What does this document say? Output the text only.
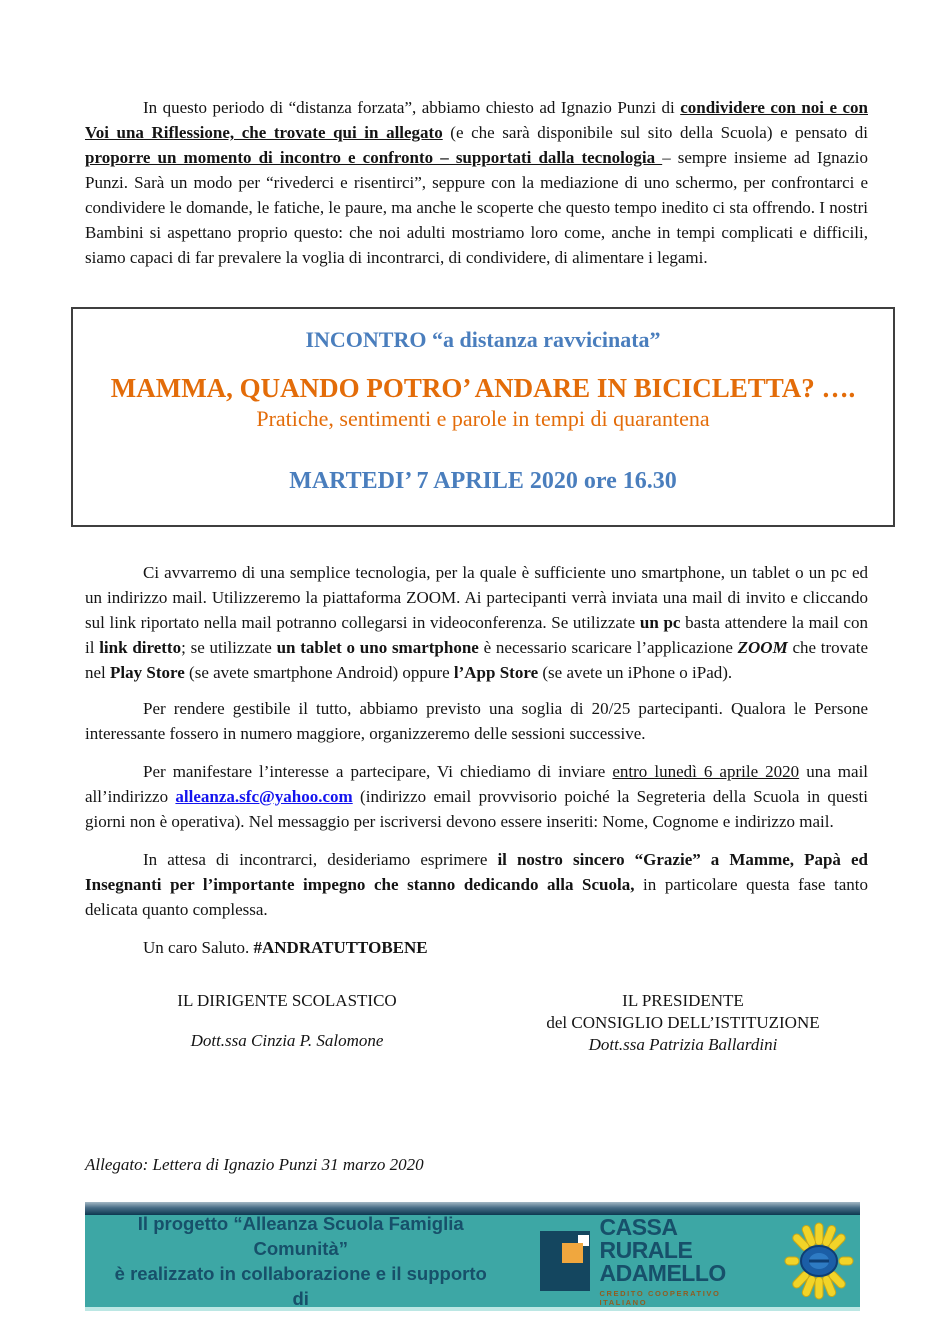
In questo periodo di “distanza forzata”, abbiamo chiesto ad Ignazio Punzi di condividere con noi e con Voi una Riflessione, che trovate qui in allegato (e che sarà disponibile sul sito della Scuola) e pensato di proporre un momento di incontro e confronto – supportati dalla tecnologia – sempre insieme ad Ignazio Punzi. Sarà un modo per “rivederci e risentirci”, seppure con la mediazione di uno schermo, per confrontarci e condividere le domande, le fatiche, le paure, ma anche le scoperte che questo tempo inedito ci sta offrendo. I nostri Bambini si aspettano proprio questo: che noi adulti mostriamo loro come, anche in tempi complicati e difficili, siamo capaci di far prevalere la voglia di incontrarci, di condividere, di alimentare i legami.

INCONTRO “a distanza ravvicinata”
MAMMA, QUANDO POTRO’ ANDARE IN BICICLETTA? ….
Pratiche, sentimenti e parole in tempi di quarantena
MARTEDI’ 7 APRILE 2020 ore 16.30

Ci avvarremo di una semplice tecnologia, per la quale è sufficiente uno smartphone, un tablet o un pc ed un indirizzo mail. Utilizzeremo la piattaforma ZOOM. Ai partecipanti verrà inviata una mail di invito e cliccando sul link riportato nella mail potranno collegarsi in videoconferenza. Se utilizzate un pc basta attendere la mail con il link diretto; se utilizzate un tablet o uno smartphone è necessario scaricare l’applicazione ZOOM che trovate nel Play Store (se avete smartphone Android) oppure l’App Store (se avete un iPhone o iPad).

Per rendere gestibile il tutto, abbiamo previsto una soglia di 20/25 partecipanti. Qualora le Persone interessante fossero in numero maggiore, organizzeremo delle sessioni successive.

Per manifestare l’interesse a partecipare, Vi chiediamo di inviare entro lunedì 6 aprile 2020 una mail all’indirizzo alleanza.sfc@yahoo.com (indirizzo email provvisorio poiché la Segreteria della Scuola in questi giorni non è operativa). Nel messaggio per iscriversi devono essere inseriti: Nome, Cognome e indirizzo mail.

In attesa di incontrarci, desideriamo esprimere il nostro sincero “Grazie” a Mamme, Papà ed Insegnanti per l’importante impegno che stanno dedicando alla Scuola, in particolare questa fase tanto delicata quanto complessa.

Un caro Saluto. #ANDRATUTTOBENE

IL DIRIGENTE SCOLASTICO
Dott.ssa Cinzia P. Salomone
IL PRESIDENTE
del CONSIGLIO DELL’ISTITUZIONE
Dott.ssa Patrizia Ballardini

Allegato: Lettera di Ignazio Punzi 31 marzo 2020

Il progetto “Alleanza Scuola Famiglia Comunità”
è realizzato in collaborazione e il supporto di
CASSA RURALE
ADAMELLO
CREDITO COOPERATIVO ITALIANO
